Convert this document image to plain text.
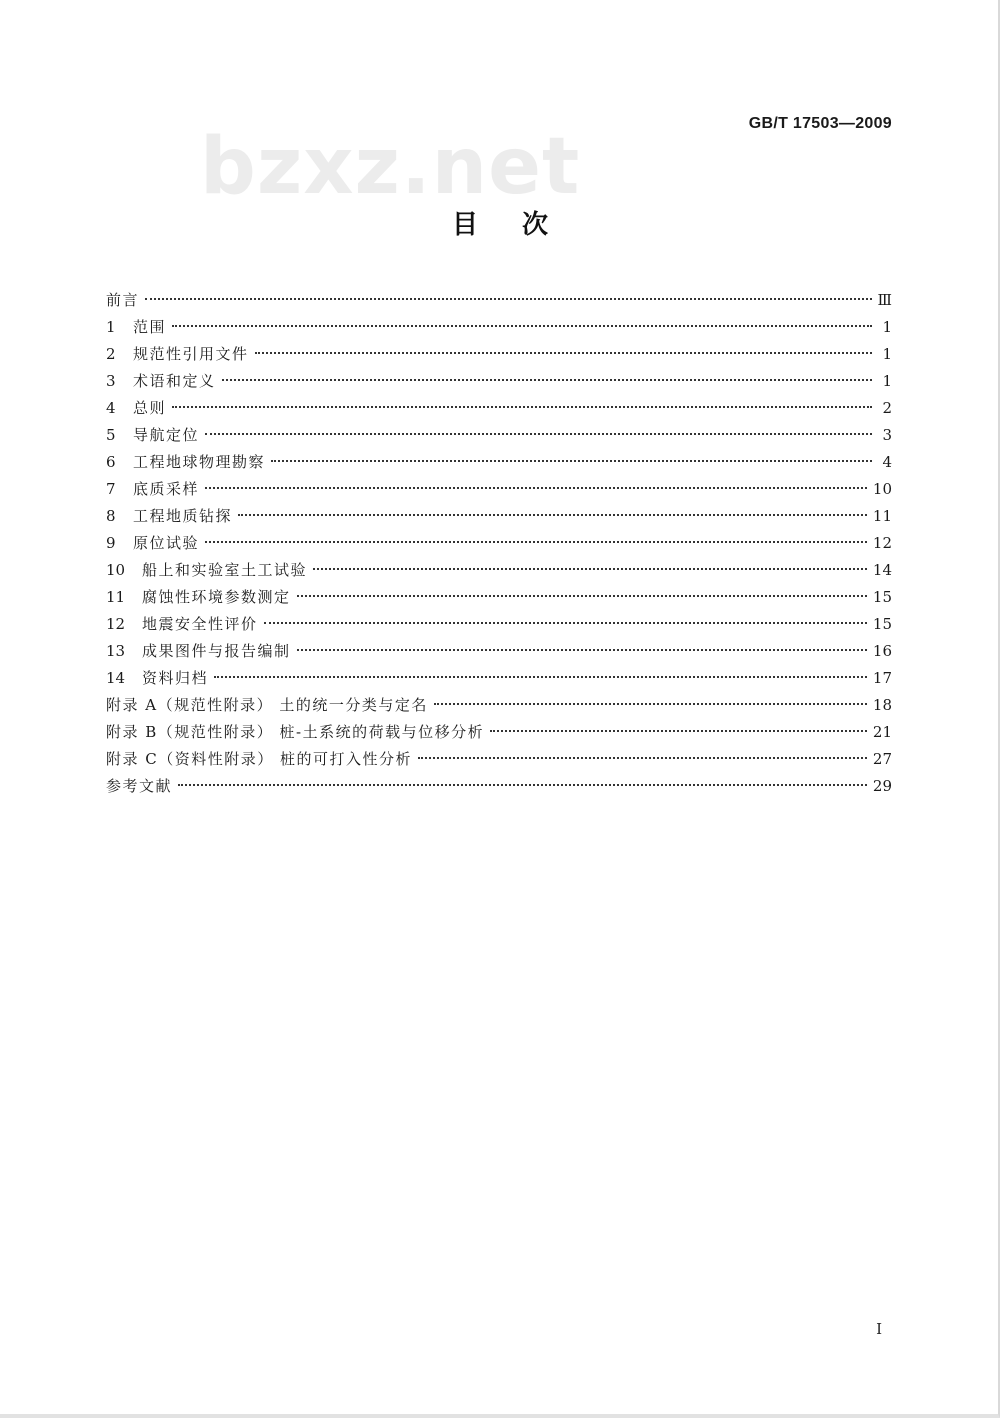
bzxz.net	GB/T 17503—2009
目次
前言	Ⅲ
1	范围	1
2	规范性引用文件	1
3	术语和定义	1
4	总则	2
5	导航定位	3
6	工程地球物理勘察	4
7	底质采样	10
8	工程地质钻探	11
9	原位试验	12
10	船上和实验室土工试验	14
11	腐蚀性环境参数测定	15
12	地震安全性评价	15
13	成果图件与报告编制	16
14	资料归档	17
附录 A（规范性附录） 土的统一分类与定名	18
附录 B（规范性附录） 桩-土系统的荷载与位移分析	21
附录 C（资料性附录） 桩的可打入性分析	27
参考文献	29
I
